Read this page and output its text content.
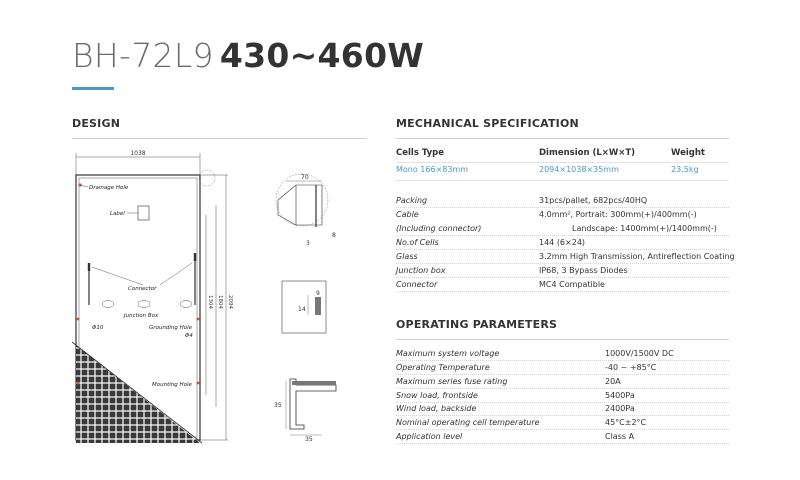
BH-72L9 430~460W
DESIGN
1038
Drainage Hole
Label
Connector
Junction Box
Φ10	Grounding Hole
Φ4
Mounting Hole
1304 1804 2094
70
8
3
9
14
35
35
MECHANICAL SPECIFICATION
Cells Type	Dimension (L×W×T)	Weight
Mono 166×83mm	2094×1038×35mm	23.5kg
Packing	31pcs/pallet, 682pcs/40HQ
Cable	4.0mm², Portrait: 300mm(+)/400mm(-)
(Including connector)	Landscape: 1400mm(+)/1400mm(-)
No.of Cells	144 (6×24)
Glass	3.2mm High Transmission, Antireflection Coating
Junction box	IP68, 3 Bypass Diodes
Connector	MC4 Compatible
OPERATING PARAMETERS
Maximum system voltage	1000V/1500V DC
Operating Temperature	-40 ~ +85°C
Maximum series fuse rating	20A
Snow load, frontside	5400Pa
Wind load, backside	2400Pa
Nominal operating cell temperature	45°C±2°C
Application level	Class A
